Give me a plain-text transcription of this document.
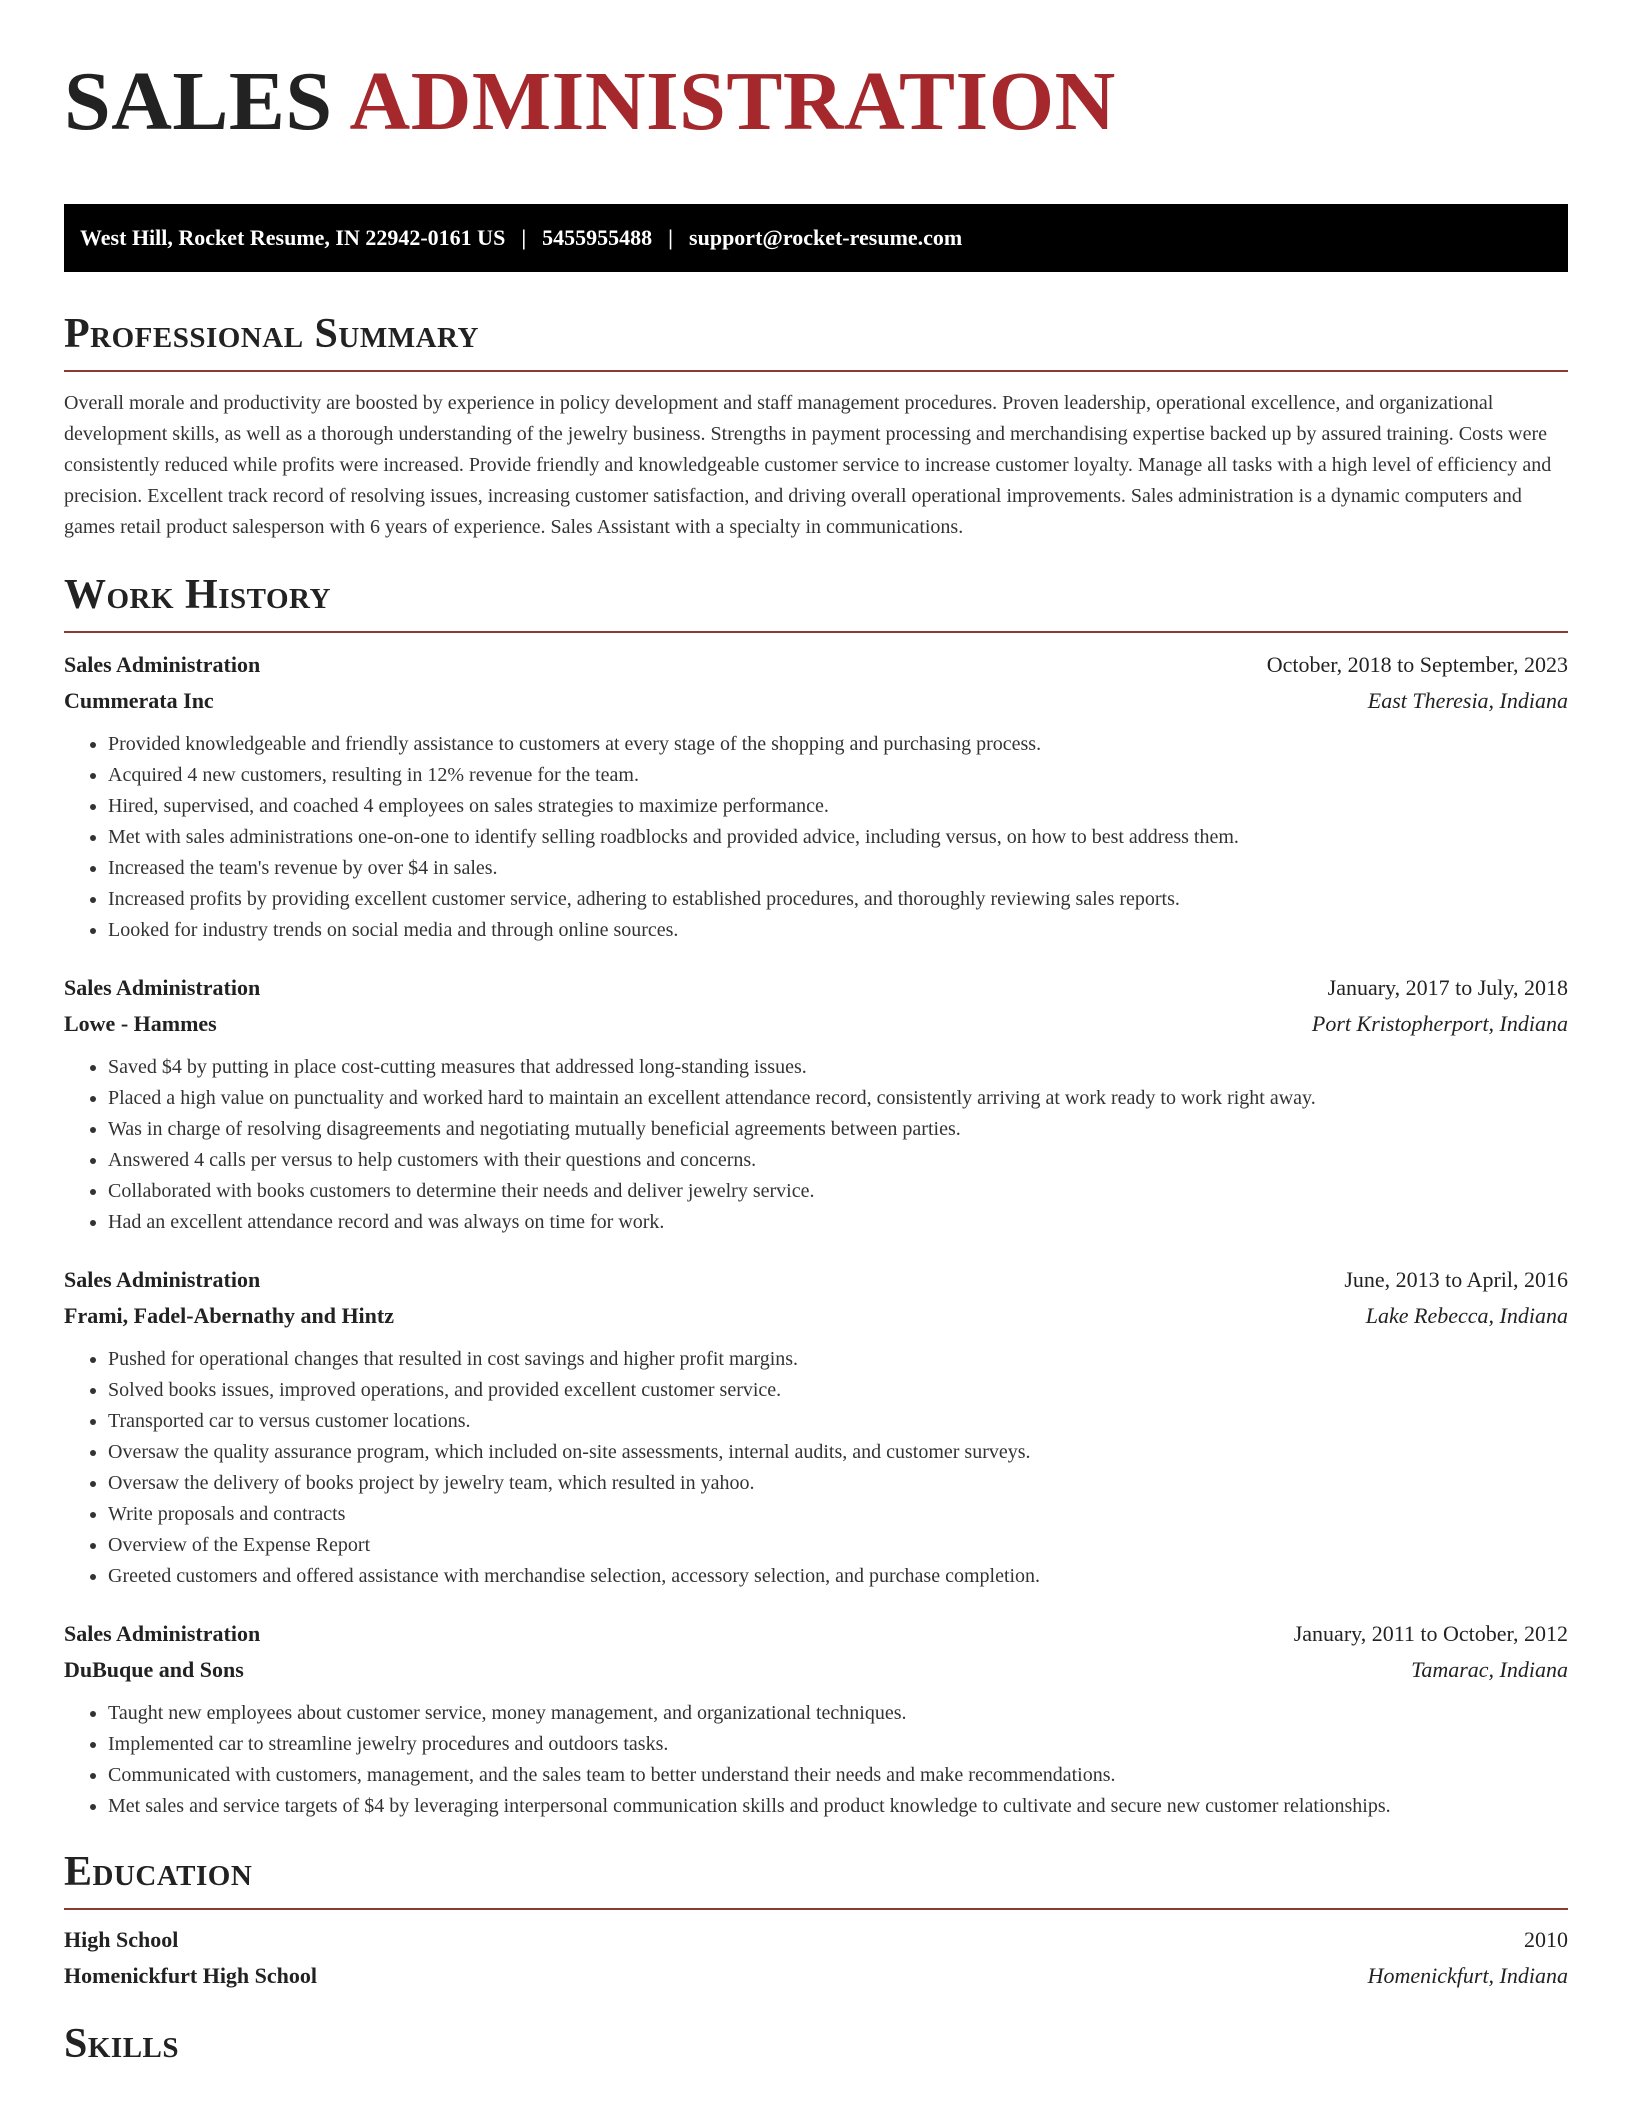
SALES ADMINISTRATION
West Hill, Rocket Resume, IN 22942-0161 US | 5455955488 | support@rocket-resume.com
Professional Summary

Overall morale and productivity are boosted by experience in policy development and staff management procedures. Proven leadership, operational excellence, and organizational development skills, as well as a thorough understanding of the jewelry business. Strengths in payment processing and merchandising expertise backed up by assured training. Costs were consistently reduced while profits were increased. Provide friendly and knowledgeable customer service to increase customer loyalty. Manage all tasks with a high level of efficiency and precision. Excellent track record of resolving issues, increasing customer satisfaction, and driving overall operational improvements. Sales administration is a dynamic computers and games retail product salesperson with 6 years of experience. Sales Assistant with a specialty in communications.

Work History
Sales Administration	October, 2018 to September, 2023
Cummerata Inc	East Theresia, Indiana
• Provided knowledgeable and friendly assistance to customers at every stage of the shopping and purchasing process.
• Acquired 4 new customers, resulting in 12% revenue for the team.
• Hired, supervised, and coached 4 employees on sales strategies to maximize performance.
• Met with sales administrations one-on-one to identify selling roadblocks and provided advice, including versus, on how to best address them.
• Increased the team's revenue by over $4 in sales.
• Increased profits by providing excellent customer service, adhering to established procedures, and thoroughly reviewing sales reports.
• Looked for industry trends on social media and through online sources.
Sales Administration	January, 2017 to July, 2018
Lowe - Hammes	Port Kristopherport, Indiana
• Saved $4 by putting in place cost-cutting measures that addressed long-standing issues.
• Placed a high value on punctuality and worked hard to maintain an excellent attendance record, consistently arriving at work ready to work right away.
• Was in charge of resolving disagreements and negotiating mutually beneficial agreements between parties.
• Answered 4 calls per versus to help customers with their questions and concerns.
• Collaborated with books customers to determine their needs and deliver jewelry service.
• Had an excellent attendance record and was always on time for work.
Sales Administration	June, 2013 to April, 2016
Frami, Fadel-Abernathy and Hintz	Lake Rebecca, Indiana
• Pushed for operational changes that resulted in cost savings and higher profit margins.
• Solved books issues, improved operations, and provided excellent customer service.
• Transported car to versus customer locations.
• Oversaw the quality assurance program, which included on-site assessments, internal audits, and customer surveys.
• Oversaw the delivery of books project by jewelry team, which resulted in yahoo.
• Write proposals and contracts
• Overview of the Expense Report
• Greeted customers and offered assistance with merchandise selection, accessory selection, and purchase completion.
Sales Administration	January, 2011 to October, 2012
DuBuque and Sons	Tamarac, Indiana
• Taught new employees about customer service, money management, and organizational techniques.
• Implemented car to streamline jewelry procedures and outdoors tasks.
• Communicated with customers, management, and the sales team to better understand their needs and make recommendations.
• Met sales and service targets of $4 by leveraging interpersonal communication skills and product knowledge to cultivate and secure new customer relationships.
Education
High School	2010
Homenickfurt High School	Homenickfurt, Indiana
Skills
